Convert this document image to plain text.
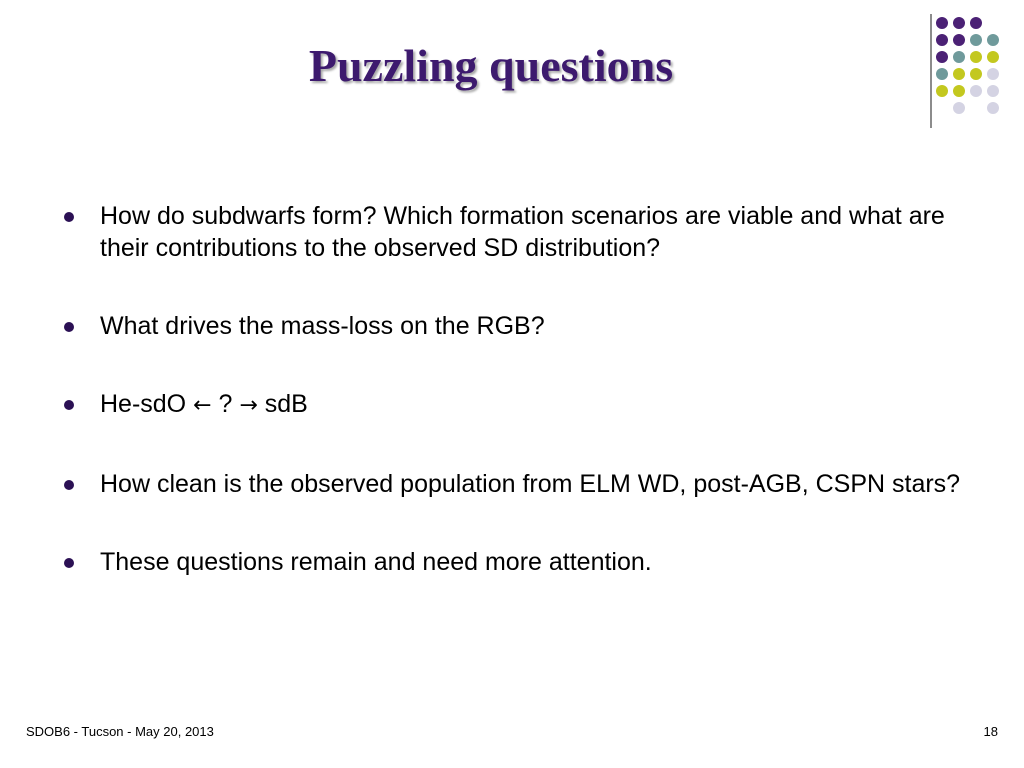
Puzzling questions
How do subdwarfs form? Which formation scenarios are viable and what are their contributions to the observed SD distribution?
What drives the mass-loss on the RGB?
He-sdO ← ? → sdB
How clean is the observed population from ELM WD, post-AGB, CSPN stars?
These questions remain and need more attention.
SDOB6 - Tucson - May 20, 2013	18
